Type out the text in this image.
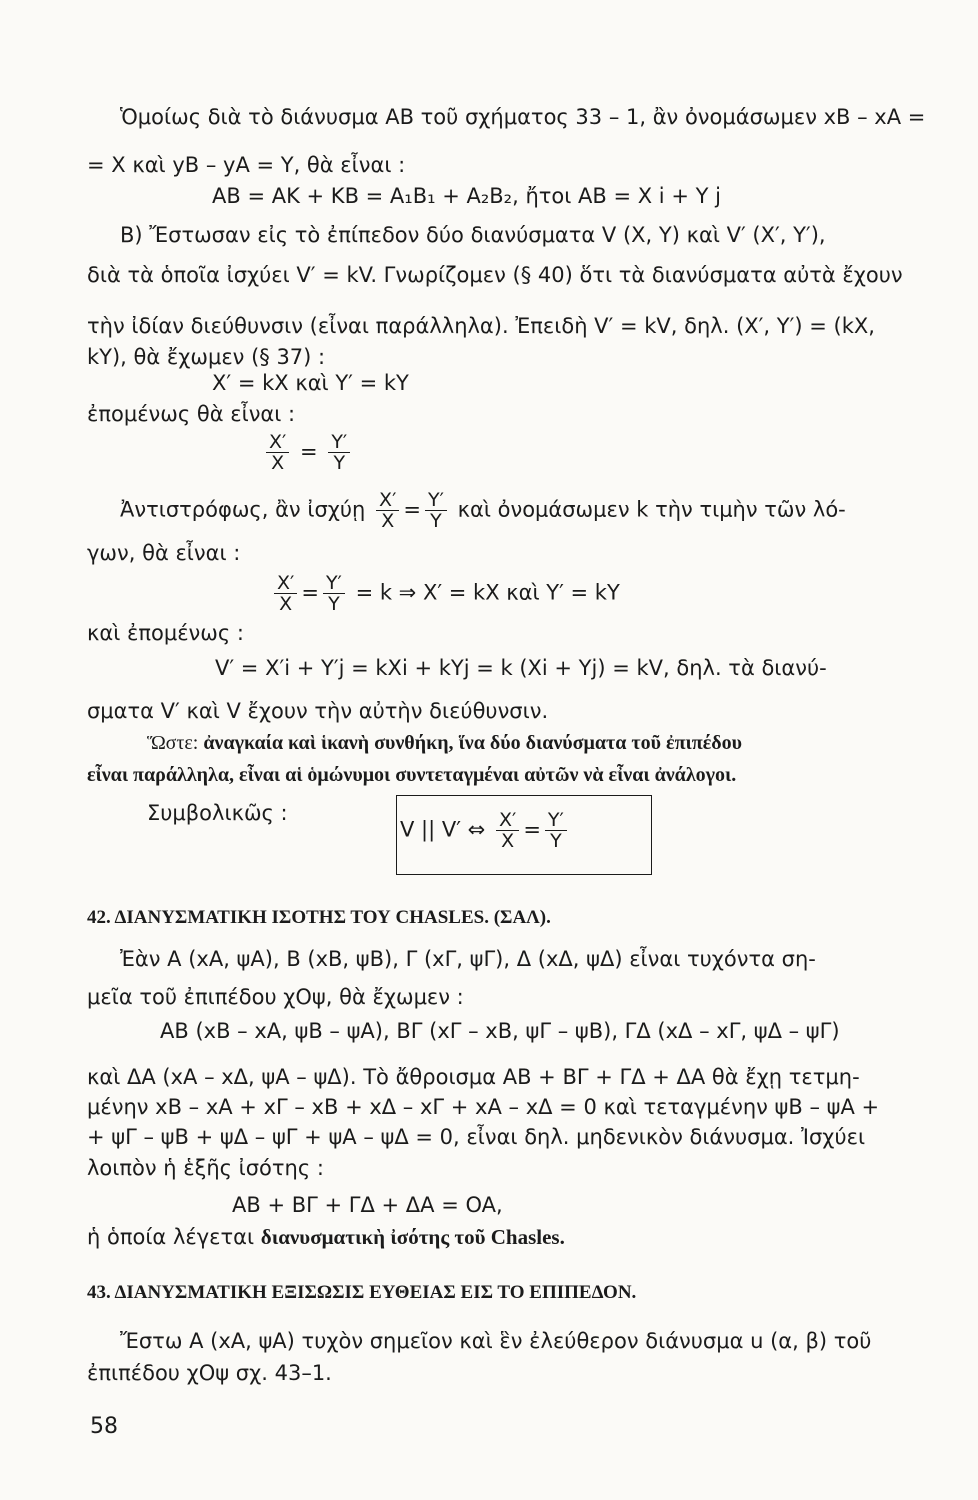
Ὁμοίως διὰ τὸ διάνυσμα AB τοῦ σχήματος 33 – 1, ἂν ὀνομάσωμεν xB – xA =
= X καὶ yB – yA = Y, θὰ εἶναι :
AB = AK + KB = A₁B₁ + A₂B₂, ἤτοι AB = X i + Y j
Β) Ἔστωσαν εἰς τὸ ἐπίπεδον δύο διανύσματα V (X, Y) καὶ V′ (X′, Y′),
διὰ τὰ ὁποῖα ἰσχύει V′ = kV. Γνωρίζομεν (§ 40) ὅτι τὰ διανύσματα αὐτὰ ἔχουν
τὴν ἰδίαν διεύθυνσιν (εἶναι παράλληλα). Ἐπειδὴ V′ = kV, δηλ. (X′, Y′) = (kX,
kY), θὰ ἔχωμεν (§ 37) :
X′ = kX καὶ Y′ = kY
ἐπομένως θὰ εἶναι :
$\frac{X'}{X} = \frac{Y'}{Y}$
Ἀντιστρόφως, ἂν ἰσχύῃ $\frac{X'}{X} = \frac{Y'}{Y}$ καὶ ὀνομάσωμεν k τὴν τιμὴν τῶν λό-
γων, θὰ εἶναι :
$\frac{X'}{X} = \frac{Y'}{Y} = k$ ⇒ X′ = kX καὶ Y′ = kY
καὶ ἐπομένως :
V′ = X′i + Y′j = kXi + kYj = k (Xi + Yj) = kV, δηλ. τὰ διανύ-
σματα V′ καὶ V ἔχουν τὴν αὐτὴν διεύθυνσιν.
Ὥστε: ἀναγκαία καὶ ἱκανὴ συνθήκη, ἵνα δύο διανύσματα τοῦ ἐπιπέδου
εἶναι παράλληλα, εἶναι αἱ ὁμώνυμοι συντεταγμέναι αὐτῶν νὰ εἶναι ἀνάλογοι.
Συμβολικῶς :
V || V′ ⇔ $\frac{X'}{X} = \frac{Y'}{Y}$
42. ΔΙΑΝΥΣΜΑΤΙΚΗ ΙΣΟΤΗΣ ΤΟΥ CHASLES. (ΣΑΛ).
Ἐὰν A (xA, ψA), B (xB, ψB), Γ (xΓ, ψΓ), Δ (xΔ, ψΔ) εἶναι τυχόντα ση-
μεῖα τοῦ ἐπιπέδου χΟψ, θὰ ἔχωμεν :
AB (xB – xA, ψB – ψA), BΓ (xΓ – xB, ψΓ – ψB), ΓΔ (xΔ – xΓ, ψΔ – ψΓ)
καὶ ΔA (xA – xΔ, ψA – ψΔ). Τὸ ἄθροισμα AB + BΓ + ΓΔ + ΔA θὰ ἔχῃ τετμη-
μένην xB – xA + xΓ – xB + xΔ – xΓ + xA – xΔ = 0 καὶ τεταγμένην ψB – ψA +
+ ψΓ – ψB + ψΔ – ψΓ + ψA – ψΔ = 0, εἶναι δηλ. μηδενικὸν διάνυσμα. Ἰσχύει
λοιπὸν ἡ ἑξῆς ἰσότης :
AB + BΓ + ΓΔ + ΔA = OA,
ἡ ὁποία λέγεται διανυσματικὴ ἰσότης τοῦ Chasles.
43. ΔΙΑΝΥΣΜΑΤΙΚΗ ΕΞΙΣΩΣΙΣ ΕΥΘΕΙΑΣ ΕΙΣ ΤΟ ΕΠΙΠΕΔΟΝ.
Ἔστω A (xA, ψA) τυχὸν σημεῖον καὶ ἓν ἐλεύθερον διάνυσμα u (α, β) τοῦ
ἐπιπέδου χΟψ σχ. 43–1.
58
